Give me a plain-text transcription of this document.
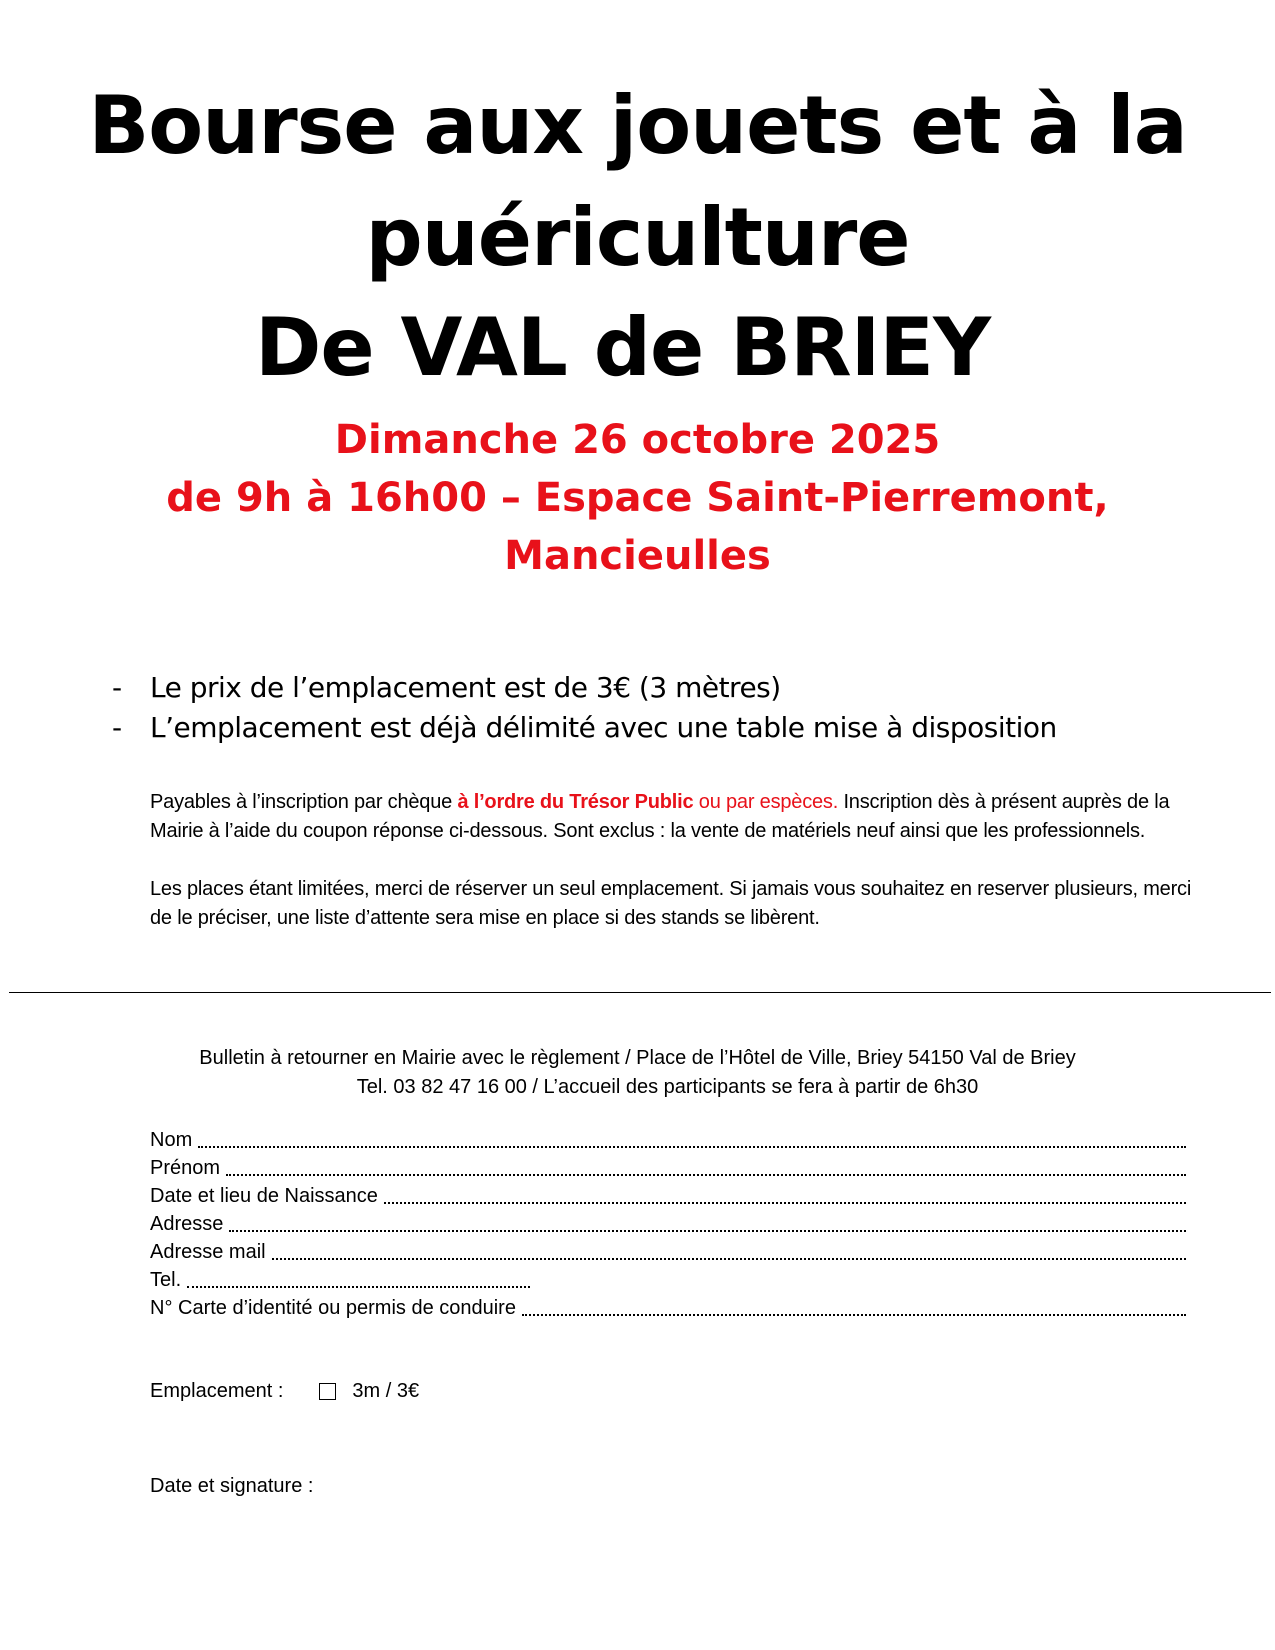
Bourse aux jouets et à la
puériculture
De VAL de BRIEY
Dimanche 26 octobre 2025
de 9h à 16h00 – Espace Saint-Pierremont,
Mancieulles
- Le prix de l’emplacement est de 3€ (3 mètres)
- L’emplacement est déjà délimité avec une table mise à disposition

Payables à l’inscription par chèque à l’ordre du Trésor Public ou par espèces. Inscription dès à présent auprès de la Mairie à l’aide du coupon réponse ci-dessous. Sont exclus : la vente de matériels neuf ainsi que les professionnels.

Les places étant limitées, merci de réserver un seul emplacement. Si jamais vous souhaitez en reserver plusieurs, merci de le préciser, une liste d’attente sera mise en place si des stands se libèrent.

Bulletin à retourner en Mairie avec le règlement / Place de l’Hôtel de Ville, Briey 54150 Val de Briey
Tel. 03 82 47 16 00 / L’accueil des participants se fera à partir de 6h30
Nom
Prénom
Date et lieu de Naissance
Adresse
Adresse mail
Tel.
N° Carte d’identité ou permis de conduire
Emplacement :	3m / 3€
Date et signature :
